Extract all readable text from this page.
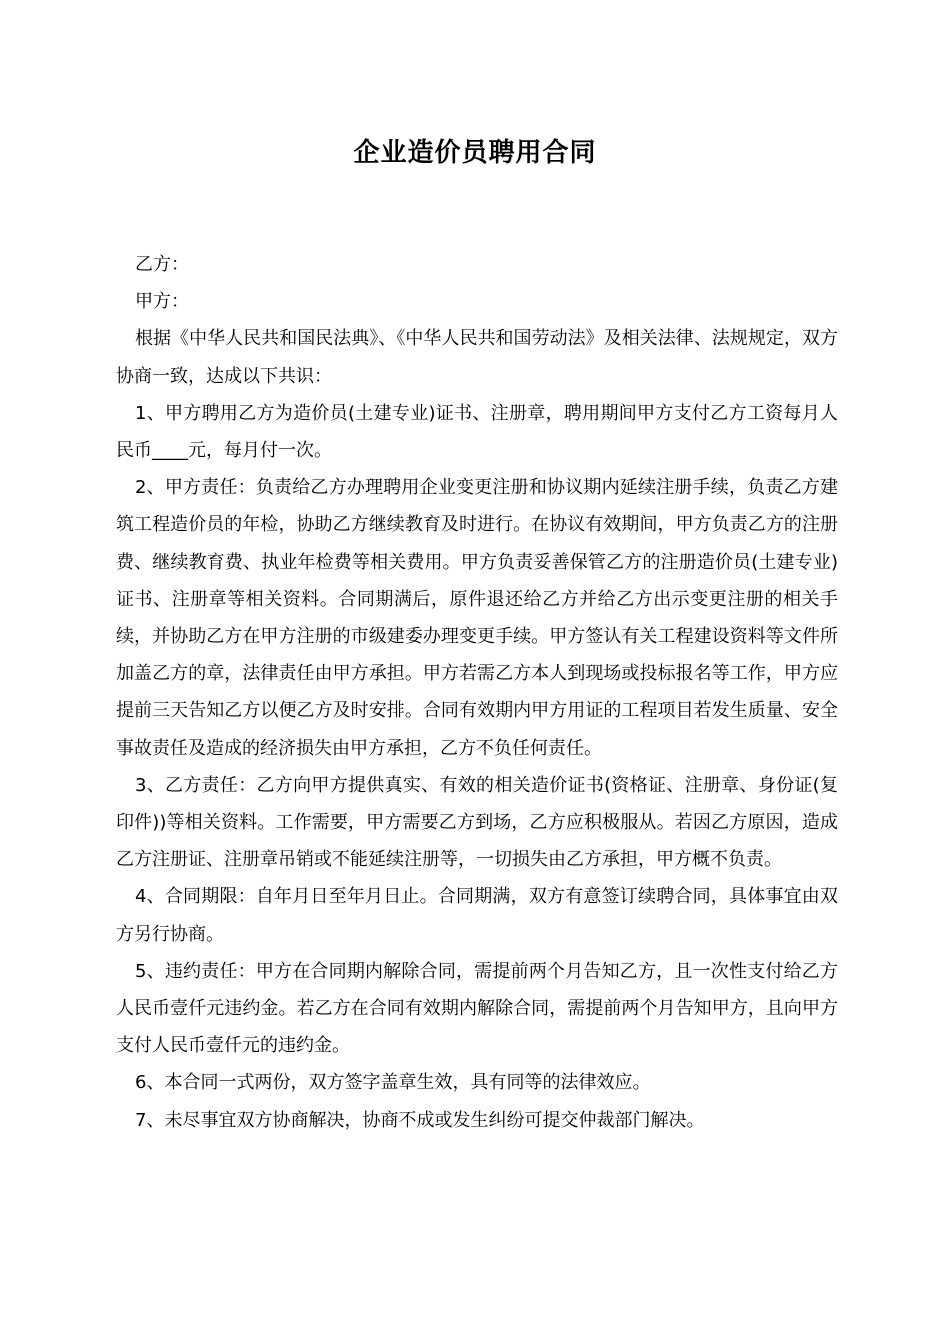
企业造价员聘用合同

乙方：

甲方：

根据《中华人民共和国民法典》、《中华人民共和国劳动法》及相关法律、法规规定，双方协商一致，达成以下共识：

1、甲方聘用乙方为造价员(土建专业)证书、注册章，聘用期间甲方支付乙方工资每月人民币____元，每月付一次。

2、甲方责任：负责给乙方办理聘用企业变更注册和协议期内延续注册手续，负责乙方建筑工程造价员的年检，协助乙方继续教育及时进行。在协议有效期间，甲方负责乙方的注册费、继续教育费、执业年检费等相关费用。甲方负责妥善保管乙方的注册造价员(土建专业)证书、注册章等相关资料。合同期满后，原件退还给乙方并给乙方出示变更注册的相关手续，并协助乙方在甲方注册的市级建委办理变更手续。甲方签认有关工程建设资料等文件所加盖乙方的章，法律责任由甲方承担。甲方若需乙方本人到现场或投标报名等工作，甲方应提前三天告知乙方以便乙方及时安排。合同有效期内甲方用证的工程项目若发生质量、安全事故责任及造成的经济损失由甲方承担，乙方不负任何责任。

3、乙方责任：乙方向甲方提供真实、有效的相关造价证书(资格证、注册章、身份证(复印件))等相关资料。工作需要，甲方需要乙方到场，乙方应积极服从。若因乙方原因，造成乙方注册证、注册章吊销或不能延续注册等，一切损失由乙方承担，甲方概不负责。

4、合同期限：自年月日至年月日止。合同期满，双方有意签订续聘合同，具体事宜由双方另行协商。

5、违约责任：甲方在合同期内解除合同，需提前两个月告知乙方，且一次性支付给乙方人民币壹仟元违约金。若乙方在合同有效期内解除合同，需提前两个月告知甲方，且向甲方支付人民币壹仟元的违约金。

6、本合同一式两份，双方签字盖章生效，具有同等的法律效应。

7、未尽事宜双方协商解决，协商不成或发生纠纷可提交仲裁部门解决。
